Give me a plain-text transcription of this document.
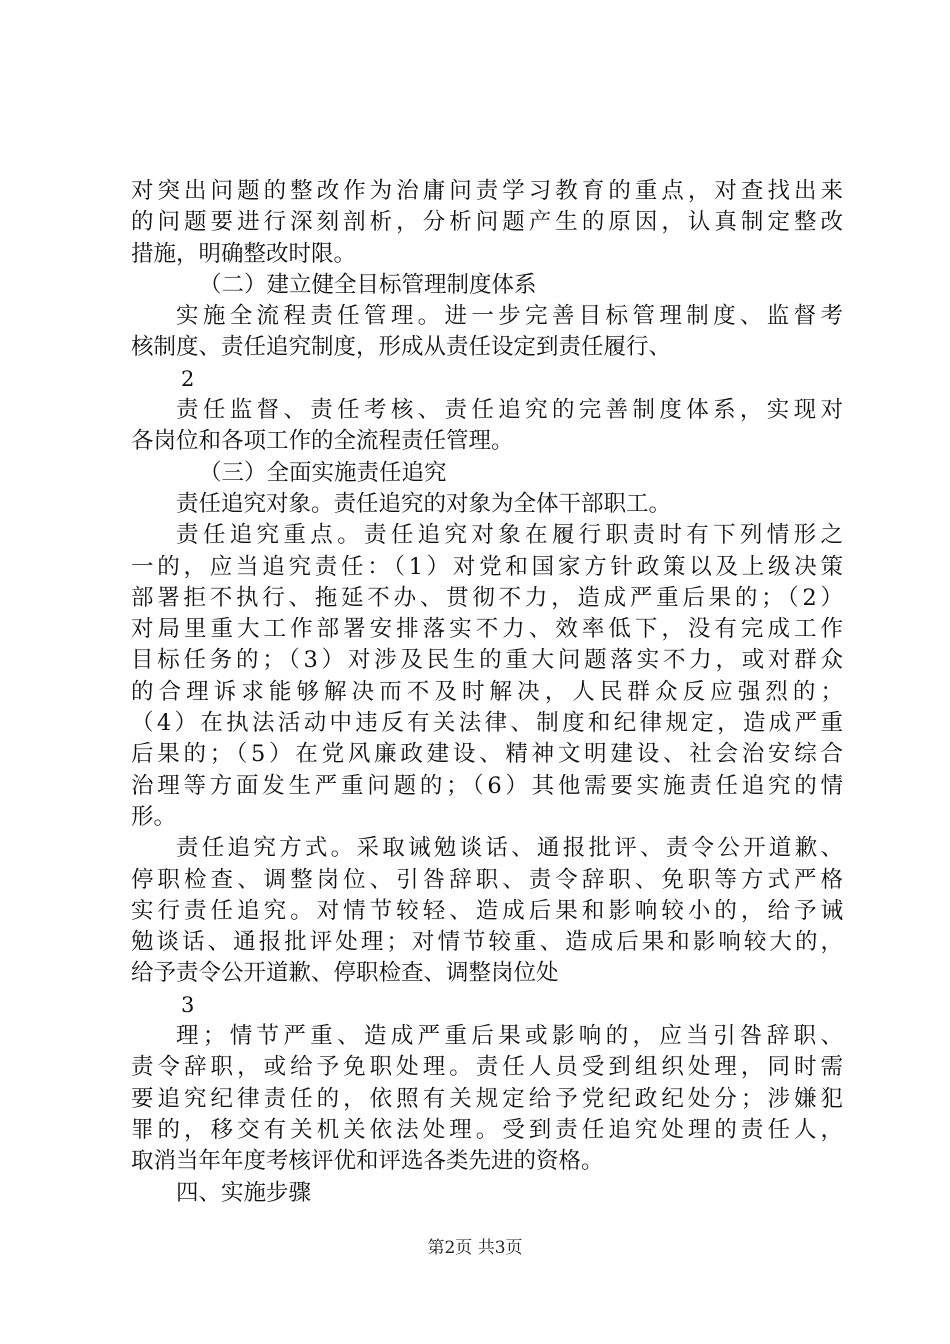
对突出问题的整改作为治庸问责学习教育的重点，对查找出来
的问题要进行深刻剖析，分析问题产生的原因，认真制定整改
措施，明确整改时限。
（二）建立健全目标管理制度体系
实施全流程责任管理。进一步完善目标管理制度、监督考
核制度、责任追究制度，形成从责任设定到责任履行、
2
责任监督、责任考核、责任追究的完善制度体系，实现对
各岗位和各项工作的全流程责任管理。
（三）全面实施责任追究
责任追究对象。责任追究的对象为全体干部职工。
责任追究重点。责任追究对象在履行职责时有下列情形之
一的，应当追究责任：（1）对党和国家方针政策以及上级决策
部署拒不执行、拖延不办、贯彻不力，造成严重后果的；（2）
对局里重大工作部署安排落实不力、效率低下，没有完成工作
目标任务的；（3）对涉及民生的重大问题落实不力，或对群众
的合理诉求能够解决而不及时解决，人民群众反应强烈的；
（4）在执法活动中违反有关法律、制度和纪律规定，造成严重
后果的；（5）在党风廉政建设、精神文明建设、社会治安综合
治理等方面发生严重问题的；（6）其他需要实施责任追究的情
形。
责任追究方式。采取诫勉谈话、通报批评、责令公开道歉、
停职检查、调整岗位、引咎辞职、责令辞职、免职等方式严格
实行责任追究。对情节较轻、造成后果和影响较小的，给予诫
勉谈话、通报批评处理；对情节较重、造成后果和影响较大的，
给予责令公开道歉、停职检查、调整岗位处
3
理；情节严重、造成严重后果或影响的，应当引咎辞职、
责令辞职，或给予免职处理。责任人员受到组织处理，同时需
要追究纪律责任的，依照有关规定给予党纪政纪处分；涉嫌犯
罪的，移交有关机关依法处理。受到责任追究处理的责任人，
取消当年年度考核评优和评选各类先进的资格。
四、实施步骤
第2页 共3页
